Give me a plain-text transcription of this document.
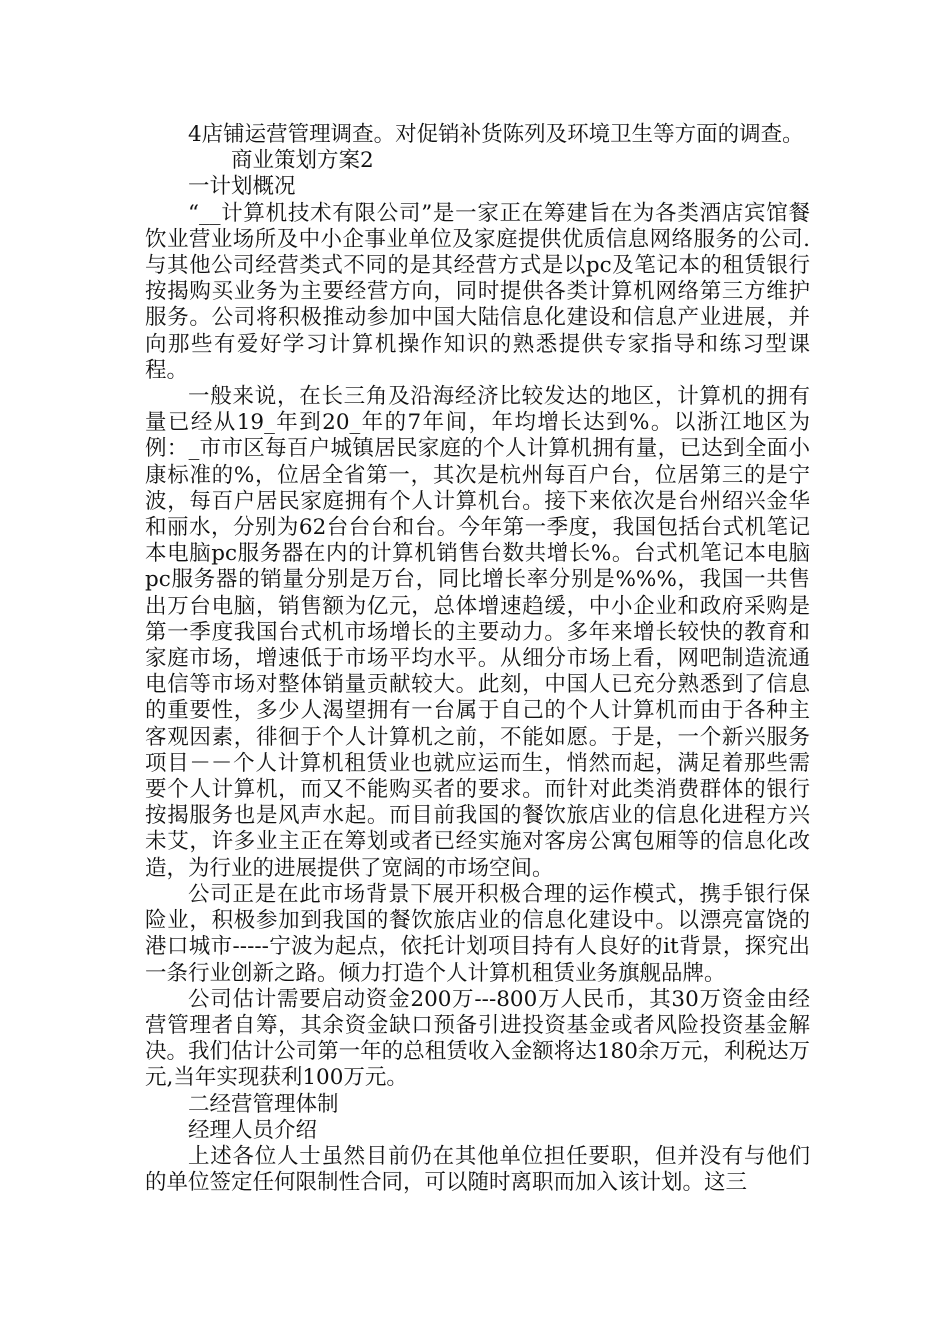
4店铺运营管理调查。对促销补货陈列及环境卫生等方面的调查。

商业策划方案2

一计划概况

“__计算机技术有限公司”是一家正在筹建旨在为各类酒店宾馆餐饮业营业场所及中小企事业单位及家庭提供优质信息网络服务的公司.与其他公司经营类式不同的是其经营方式是以pc及笔记本的租赁银行按揭购买业务为主要经营方向，同时提供各类计算机网络第三方维护服务。公司将积极推动参加中国大陆信息化建设和信息产业进展，并向那些有爱好学习计算机操作知识的熟悉提供专家指导和练习型课程。

一般来说，在长三角及沿海经济比较发达的地区，计算机的拥有量已经从19_年到20_年的7年间，年均增长达到%。以浙江地区为例：_市市区每百户城镇居民家庭的个人计算机拥有量，已达到全面小康标准的%，位居全省第一，其次是杭州每百户台，位居第三的是宁波，每百户居民家庭拥有个人计算机台。接下来依次是台州绍兴金华和丽水，分别为62台台台和台。今年第一季度，我国包括台式机笔记本电脑pc服务器在内的计算机销售台数共增长%。台式机笔记本电脑pc服务器的销量分别是万台，同比增长率分别是%%%，我国一共售出万台电脑，销售额为亿元，总体增速趋缓，中小企业和政府采购是第一季度我国台式机市场增长的主要动力。多年来增长较快的教育和家庭市场，增速低于市场平均水平。从细分市场上看，网吧制造流通电信等市场对整体销量贡献较大。此刻，中国人已充分熟悉到了信息的重要性，多少人渴望拥有一台属于自己的个人计算机而由于各种主客观因素，徘徊于个人计算机之前，不能如愿。于是，一个新兴服务项目－－个人计算机租赁业也就应运而生，悄然而起，满足着那些需要个人计算机，而又不能购买者的要求。而针对此类消费群体的银行按揭服务也是风声水起。而目前我国的餐饮旅店业的信息化进程方兴未艾，许多业主正在筹划或者已经实施对客房公寓包厢等的信息化改造，为行业的进展提供了宽阔的市场空间。

公司正是在此市场背景下展开积极合理的运作模式，携手银行保险业，积极参加到我国的餐饮旅店业的信息化建设中。以漂亮富饶的港口城市-----宁波为起点，依托计划项目持有人良好的it背景，探究出一条行业创新之路。倾力打造个人计算机租赁业务旗舰品牌。

公司估计需要启动资金200万---800万人民币，其30万资金由经营管理者自筹，其余资金缺口预备引进投资基金或者风险投资基金解决。我们估计公司第一年的总租赁收入金额将达180余万元，利税达万元,当年实现获利100万元。

二经营管理体制

经理人员介绍

上述各位人士虽然目前仍在其他单位担任要职，但并没有与他们的单位签定任何限制性合同，可以随时离职而加入该计划。这三
